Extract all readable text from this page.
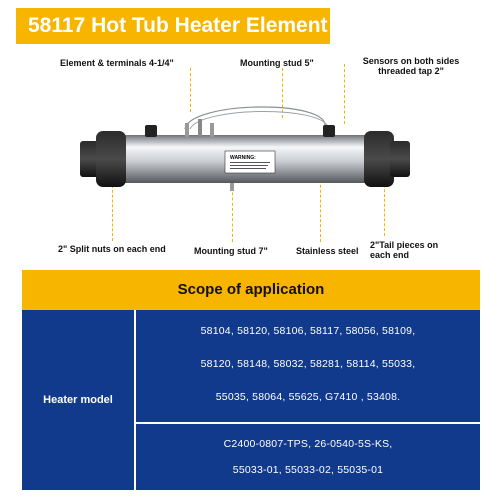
58117 Hot Tub Heater Element
Element & terminals 4-1/4"	Mounting stud 5"	Sensors on both sides threaded tap 2"
2" Split nuts on each end	Mounting stud 7"	Stainless steel
2"Tail pieces on each end
WARNING:
Scope of application
Heater model
58104, 58120, 58106, 58117, 58056, 58109,
58120, 58148, 58032, 58281, 58114, 55033,
55035, 58064, 55625, G7410 , 53408.
C2400-0807-TPS, 26-0540-5S-KS,
55033-01, 55033-02, 55035-01
